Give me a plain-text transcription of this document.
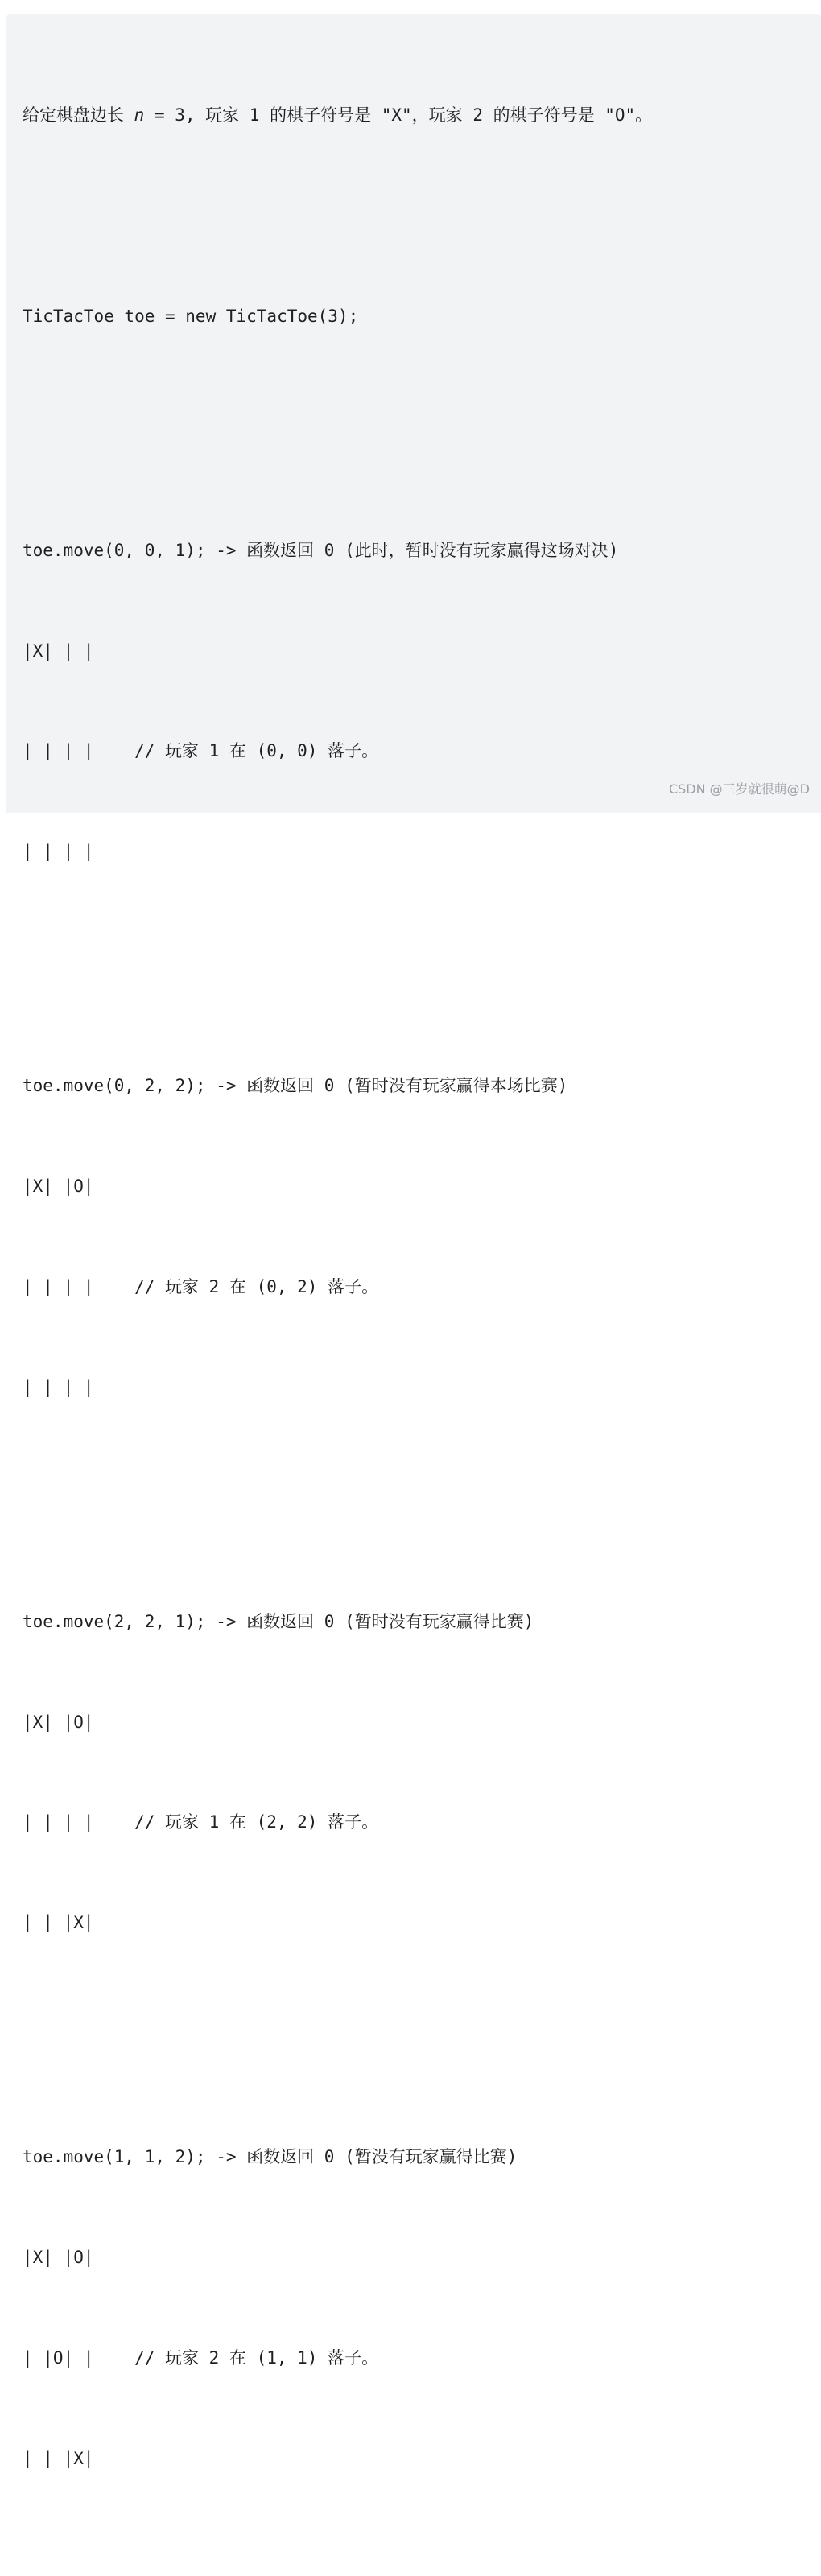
给定棋盘边长 n = 3, 玩家 1 的棋子符号是 "X"，玩家 2 的棋子符号是 "O"。

TicTacToe toe = new TicTacToe(3);

toe.move(0, 0, 1); -> 函数返回 0 (此时，暂时没有玩家赢得这场对决)

|X| | |

| | | |    // 玩家 1 在 (0, 0) 落子。

| | | |

toe.move(0, 2, 2); -> 函数返回 0 (暂时没有玩家赢得本场比赛)

|X| |O|

| | | |    // 玩家 2 在 (0, 2) 落子。

| | | |

toe.move(2, 2, 1); -> 函数返回 0 (暂时没有玩家赢得比赛)

|X| |O|

| | | |    // 玩家 1 在 (2, 2) 落子。

| | |X|

toe.move(1, 1, 2); -> 函数返回 0 (暂没有玩家赢得比赛)

|X| |O|

| |O| |    // 玩家 2 在 (1, 1) 落子。

| | |X|

CSDN @三岁就很萌@D
